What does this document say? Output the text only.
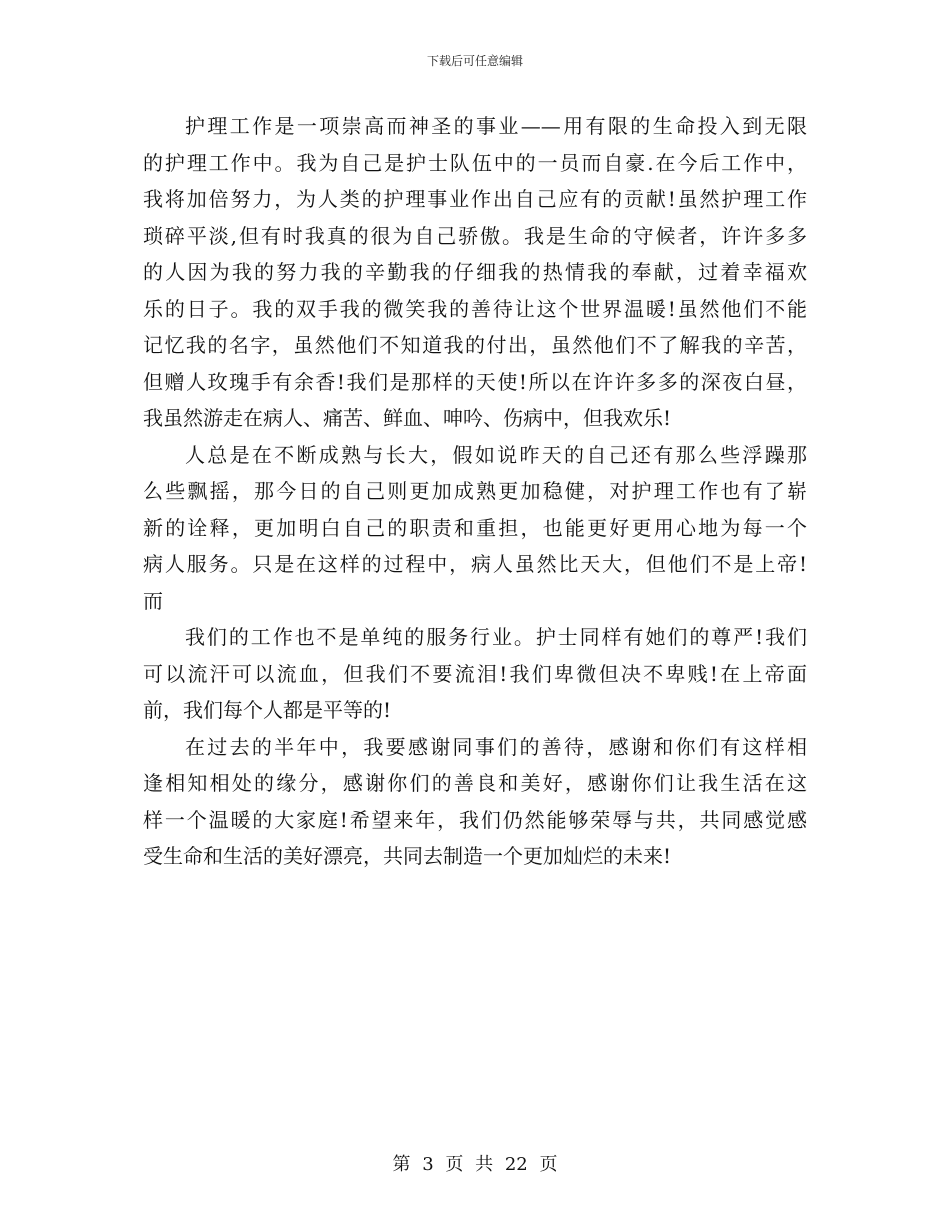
下载后可任意编辑
护理工作是一项崇高而神圣的事业——用有限的生命投入到无限
的护理工作中。我为自己是护士队伍中的一员而自豪.在今后工作中，
我将加倍努力，为人类的护理事业作出自己应有的贡献!虽然护理工作
琐碎平淡,但有时我真的很为自己骄傲。我是生命的守候者，许许多多
的人因为我的努力我的辛勤我的仔细我的热情我的奉献，过着幸福欢
乐的日子。我的双手我的微笑我的善待让这个世界温暖!虽然他们不能
记忆我的名字，虽然他们不知道我的付出，虽然他们不了解我的辛苦，
但赠人玫瑰手有余香!我们是那样的天使!所以在许许多多的深夜白昼，
我虽然游走在病人、痛苦、鲜血、呻吟、伤病中，但我欢乐!
人总是在不断成熟与长大，假如说昨天的自己还有那么些浮躁那
么些飘摇，那今日的自己则更加成熟更加稳健，对护理工作也有了崭
新的诠释，更加明白自己的职责和重担，也能更好更用心地为每一个
病人服务。只是在这样的过程中，病人虽然比天大，但他们不是上帝!
而
我们的工作也不是单纯的服务行业。护士同样有她们的尊严!我们
可以流汗可以流血，但我们不要流泪!我们卑微但决不卑贱!在上帝面
前，我们每个人都是平等的!
在过去的半年中，我要感谢同事们的善待，感谢和你们有这样相
逢相知相处的缘分，感谢你们的善良和美好，感谢你们让我生活在这
样一个温暖的大家庭!希望来年，我们仍然能够荣辱与共，共同感觉感
受生命和生活的美好漂亮，共同去制造一个更加灿烂的未来!
第 3 页 共 22 页
